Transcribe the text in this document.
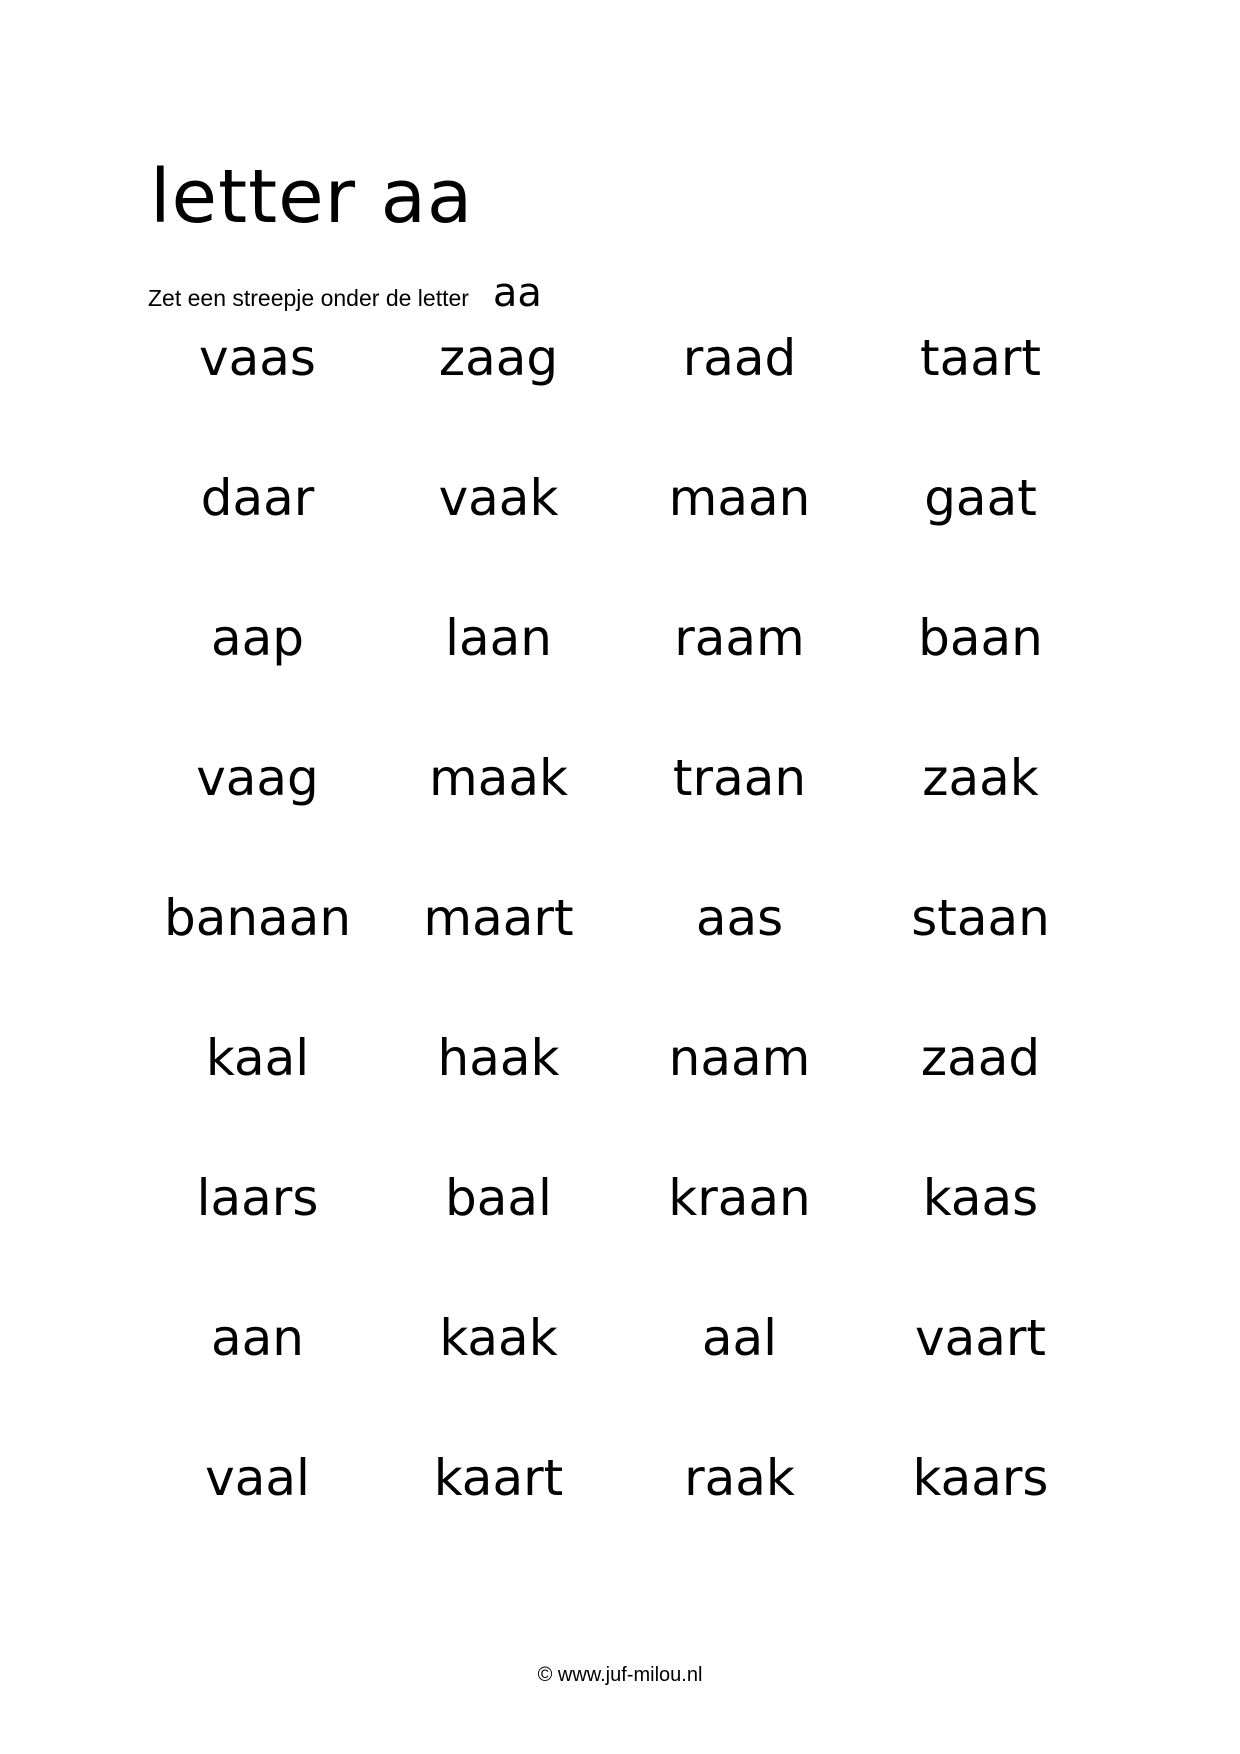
letter aa
Zet een streepje onder de letter aa
vaas	zaag	raad	taart
daar	vaak	maan	gaat
aap	laan	raam	baan
vaag	maak	traan	zaak
banaan	maart	aas	staan
kaal	haak	naam	zaad
laars	baal	kraan	kaas
aan	kaak	aal	vaart
vaal	kaart	raak	kaars
© www.juf-milou.nl
